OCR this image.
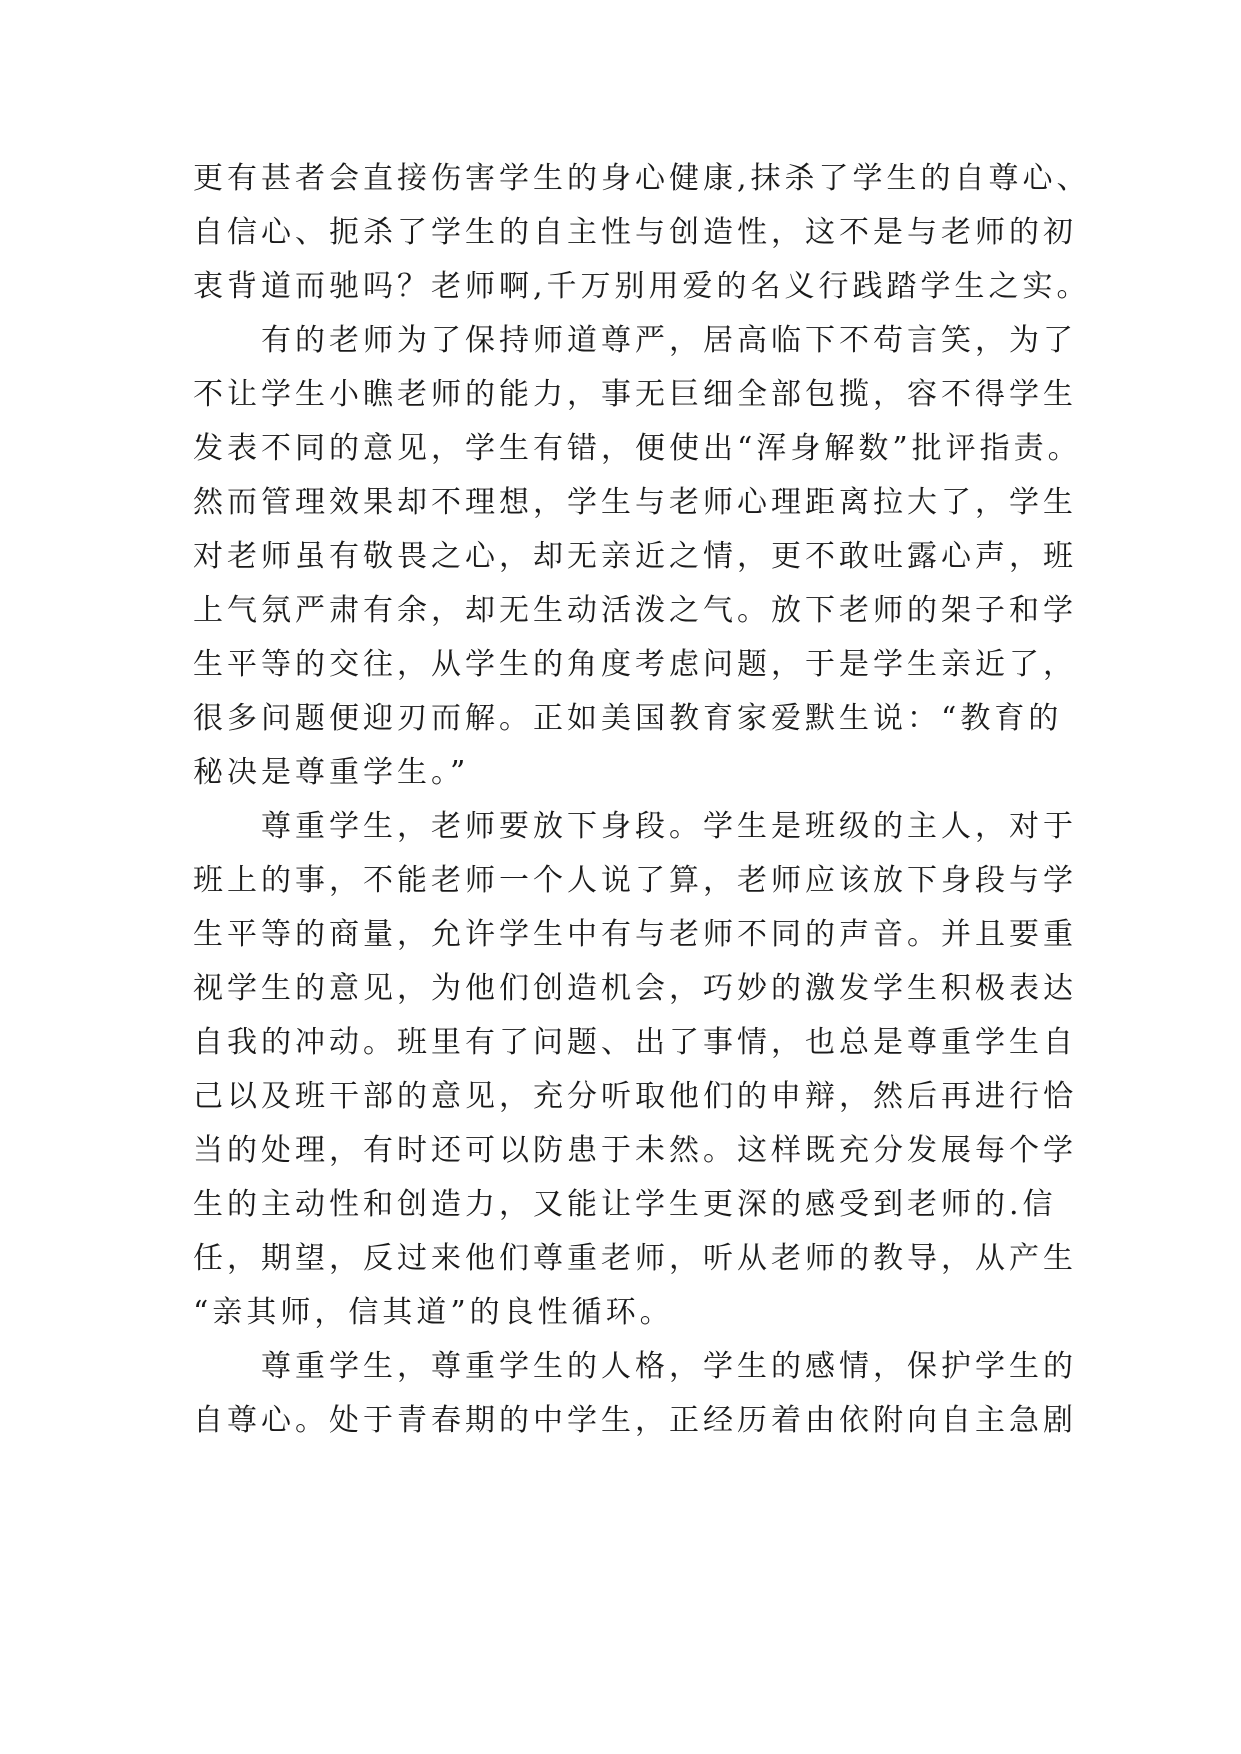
更有甚者会直接伤害学生的身心健康,抹杀了学生的自尊心、
自信心、扼杀了学生的自主性与创造性，这不是与老师的初
衷背道而驰吗？老师啊,千万别用爱的名义行践踏学生之实。

有的老师为了保持师道尊严，居高临下不苟言笑，为了
不让学生小瞧老师的能力，事无巨细全部包揽，容不得学生
发表不同的意见，学生有错，便使出“浑身解数”批评指责。
然而管理效果却不理想，学生与老师心理距离拉大了，学生
对老师虽有敬畏之心，却无亲近之情，更不敢吐露心声，班
上气氛严肃有余，却无生动活泼之气。放下老师的架子和学
生平等的交往，从学生的角度考虑问题，于是学生亲近了，
很多问题便迎刃而解。正如美国教育家爱默生说：“教育的
秘决是尊重学生。”

尊重学生，老师要放下身段。学生是班级的主人，对于
班上的事，不能老师一个人说了算，老师应该放下身段与学
生平等的商量，允许学生中有与老师不同的声音。并且要重
视学生的意见，为他们创造机会，巧妙的激发学生积极表达
自我的冲动。班里有了问题、出了事情，也总是尊重学生自
己以及班干部的意见，充分听取他们的申辩，然后再进行恰
当的处理，有时还可以防患于未然。这样既充分发展每个学
生的主动性和创造力，又能让学生更深的感受到老师的.信
任，期望，反过来他们尊重老师，听从老师的教导，从产生
“亲其师，信其道”的良性循环。

尊重学生，尊重学生的人格，学生的感情，保护学生的
自尊心。处于青春期的中学生，正经历着由依附向自主急剧
